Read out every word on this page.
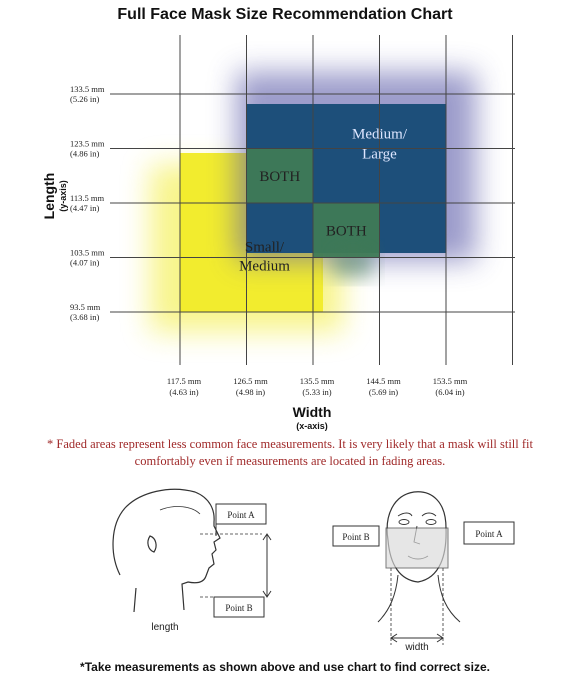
Full Face Mask Size Recommendation Chart
Small/
Medium
Medium/
Large
BOTH
BOTH
133.5 mm
(5.26 in)
123.5 mm
(4.86 in)
113.5 mm
(4.47 in)
103.5 mm
(4.07 in)
93.5 mm
(3.68 in)
117.5 mm
(4.63 in)
126.5 mm
(4.98 in)
135.5 mm
(5.33 in)
144.5 mm
(5.69 in)
153.5 mm
(6.04 in)
Length (y-axis)
Width
(x-axis)
* Faded areas represent less common face measurements. It is very likely that a mask will still fit comfortably even if measurements are located in fading areas.
Point A
Point B
length
Point B	Point A
width
*Take measurements as shown above and use chart to find correct size.
